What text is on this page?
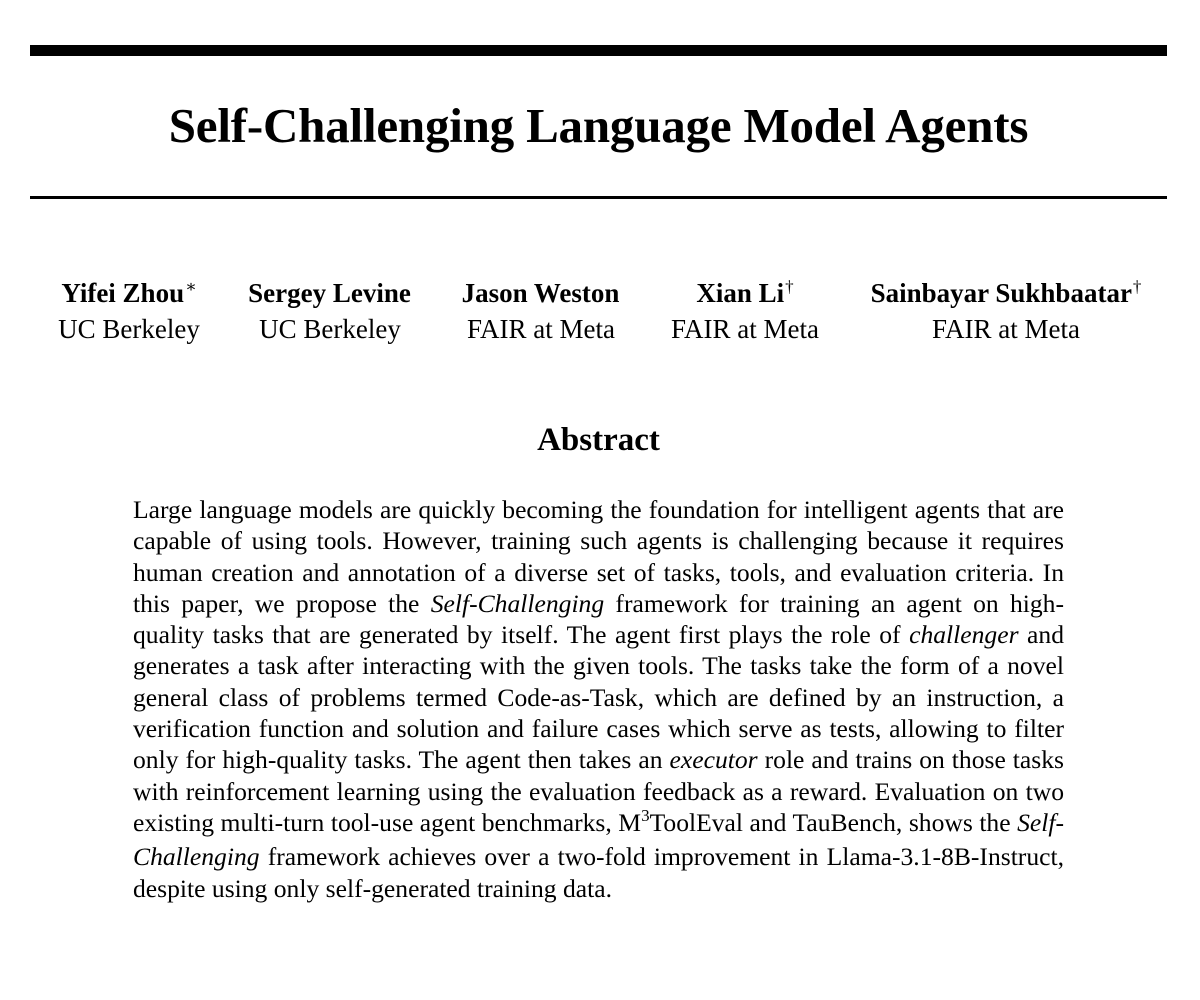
Self-Challenging Language Model Agents
Yifei Zhou∗
UC Berkeley
Sergey Levine
UC Berkeley
Jason Weston
FAIR at Meta
Xian Li†
FAIR at Meta
Sainbayar Sukhbaatar†
FAIR at Meta
Abstract

Large language models are quickly becoming the foundation for intelligent agents that are capable of using tools. However, training such agents is challenging because it requires human creation and annotation of a diverse set of tasks, tools, and evaluation criteria. In this paper, we propose the Self-Challenging framework for training an agent on high-quality tasks that are generated by itself. The agent first plays the role of challenger and generates a task after interacting with the given tools. The tasks take the form of a novel general class of problems termed Code-as-Task, which are defined by an instruction, a verification function and solution and failure cases which serve as tests, allowing to filter only for high-quality tasks. The agent then takes an executor role and trains on those tasks with reinforcement learning using the evaluation feedback as a reward. Evaluation on two existing multi-turn tool-use agent benchmarks, $M^3ToolEval$ and TauBench, shows the Self-Challenging framework achieves over a two-fold improvement in Llama-3.1-8B-Instruct, despite using only self-generated training data.
